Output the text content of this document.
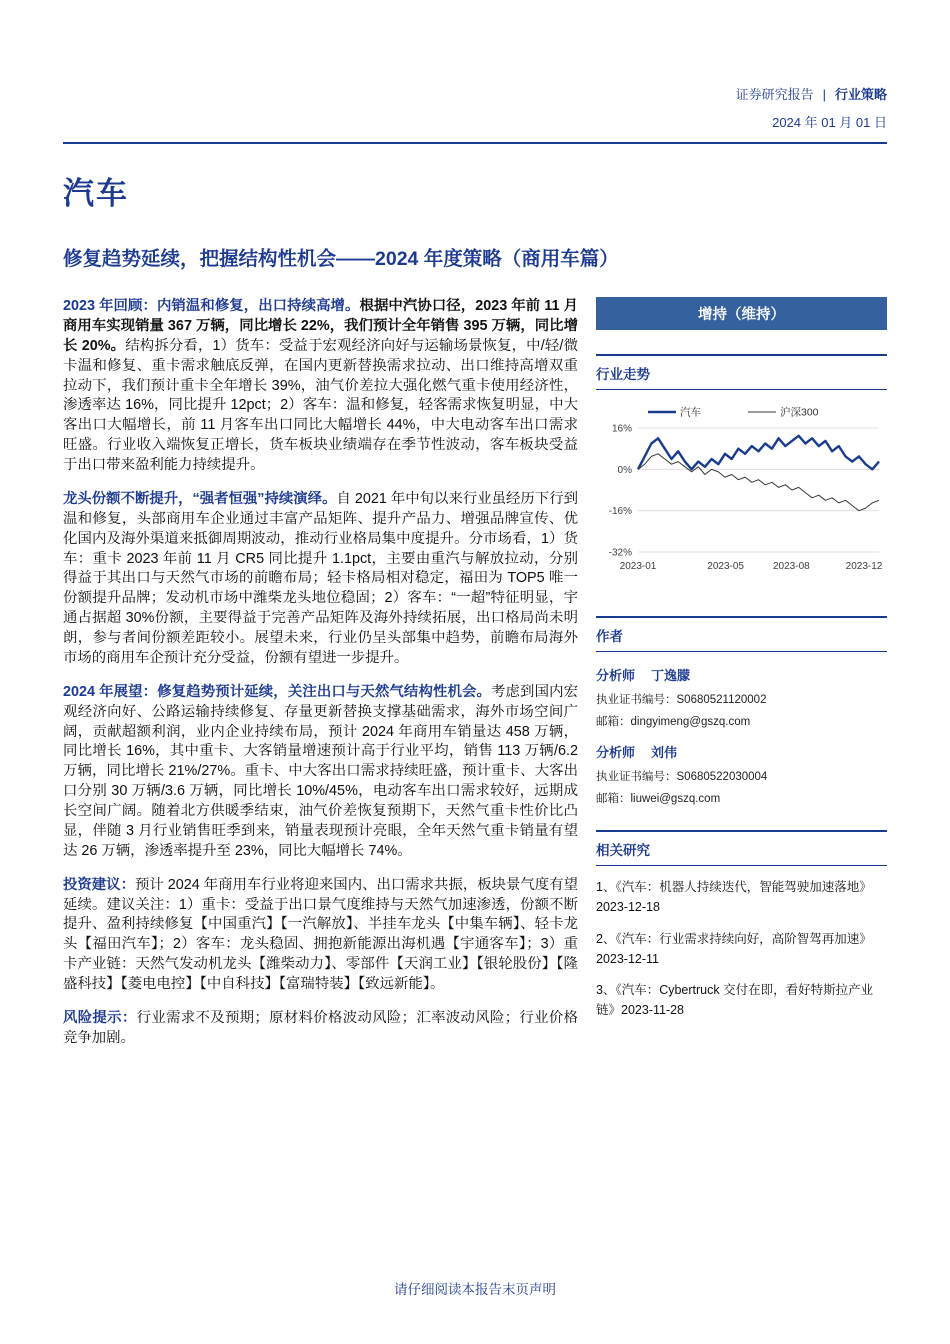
证券研究报告 | 行业策略
2024 年 01 月 01 日
汽车
修复趋势延续，把握结构性机会——2024 年度策略（商用车篇）

2023 年回顾：内销温和修复，出口持续高增。根据中汽协口径，2023 年前 11 月商用车实现销量 367 万辆，同比增长 22%，我们预计全年销售 395 万辆，同比增长 20%。结构拆分看，1）货车：受益于宏观经济向好与运输场景恢复，中/轻/微卡温和修复、重卡需求触底反弹，在国内更新替换需求拉动、出口维持高增双重拉动下，我们预计重卡全年增长 39%，油气价差拉大强化燃气重卡使用经济性，渗透率达 16%，同比提升 12pct；2）客车：温和修复，轻客需求恢复明显，中大客出口大幅增长，前 11 月客车出口同比大幅增长 44%，中大电动客车出口需求旺盛。行业收入端恢复正增长，货车板块业绩端存在季节性波动，客车板块受益于出口带来盈利能力持续提升。

龙头份额不断提升，“强者恒强”持续演绎。自 2021 年中旬以来行业虽经历下行到温和修复，头部商用车企业通过丰富产品矩阵、提升产品力、增强品牌宣传、优化国内及海外渠道来抵御周期波动，推动行业格局集中度提升。分市场看，1）货车：重卡 2023 年前 11 月 CR5 同比提升 1.1pct，主要由重汽与解放拉动，分别得益于其出口与天然气市场的前瞻布局；轻卡格局相对稳定，福田为 TOP5 唯一份额提升品牌；发动机市场中潍柴龙头地位稳固；2）客车：“一超”特征明显，宇通占据超 30%份额，主要得益于完善产品矩阵及海外持续拓展，出口格局尚未明朗，参与者间份额差距较小。展望未来，行业仍呈头部集中趋势，前瞻布局海外市场的商用车企预计充分受益，份额有望进一步提升。

2024 年展望：修复趋势预计延续，关注出口与天然气结构性机会。考虑到国内宏观经济向好、公路运输持续修复、存量更新替换支撑基础需求，海外市场空间广阔，贡献超额利润，业内企业持续布局，预计 2024 年商用车销量达 458 万辆，同比增长 16%，其中重卡、大客销量增速预计高于行业平均，销售 113 万辆/6.2 万辆，同比增长 21%/27%。重卡、中大客出口需求持续旺盛，预计重卡、大客出口分别 30 万辆/3.6 万辆，同比增长 10%/45%，电动客车出口需求较好，远期成长空间广阔。随着北方供暖季结束，油气价差恢复预期下，天然气重卡性价比凸显，伴随 3 月行业销售旺季到来，销量表现预计亮眼，全年天然气重卡销量有望达 26 万辆，渗透率提升至 23%，同比大幅增长 74%。

投资建议：预计 2024 年商用车行业将迎来国内、出口需求共振，板块景气度有望延续。建议关注：1）重卡：受益于出口景气度维持与天然气加速渗透，份额不断提升、盈利持续修复【中国重汽】【一汽解放】、半挂车龙头【中集车辆】、轻卡龙头【福田汽车】；2）客车：龙头稳固、拥抱新能源出海机遇【宇通客车】；3）重卡产业链：天然气发动机龙头【潍柴动力】、零部件【天润工业】【银轮股份】【隆盛科技】【菱电电控】【中自科技】【富瑞特装】【致远新能】。

风险提示：行业需求不及预期；原材料价格波动风险；汇率波动风险；行业价格竞争加剧。

增持（维持）
行业走势
汽车	沪深300
16%
0%
-16%
-32%
2023-01	2023-05	2023-08	2023-12
作者
分析师 丁逸朦
执业证书编号：S0680521120002
邮箱：dingyimeng@gszq.com
分析师 刘伟
执业证书编号：S0680522030004
邮箱：liuwei@gszq.com
相关研究
1、《汽车：机器人持续迭代，智能驾驶加速落地》2023-12-18
2、《汽车：行业需求持续向好，高阶智驾再加速》2023-12-11
3、《汽车：Cybertruck 交付在即，看好特斯拉产业链》2023-11-28
请仔细阅读本报告末页声明
